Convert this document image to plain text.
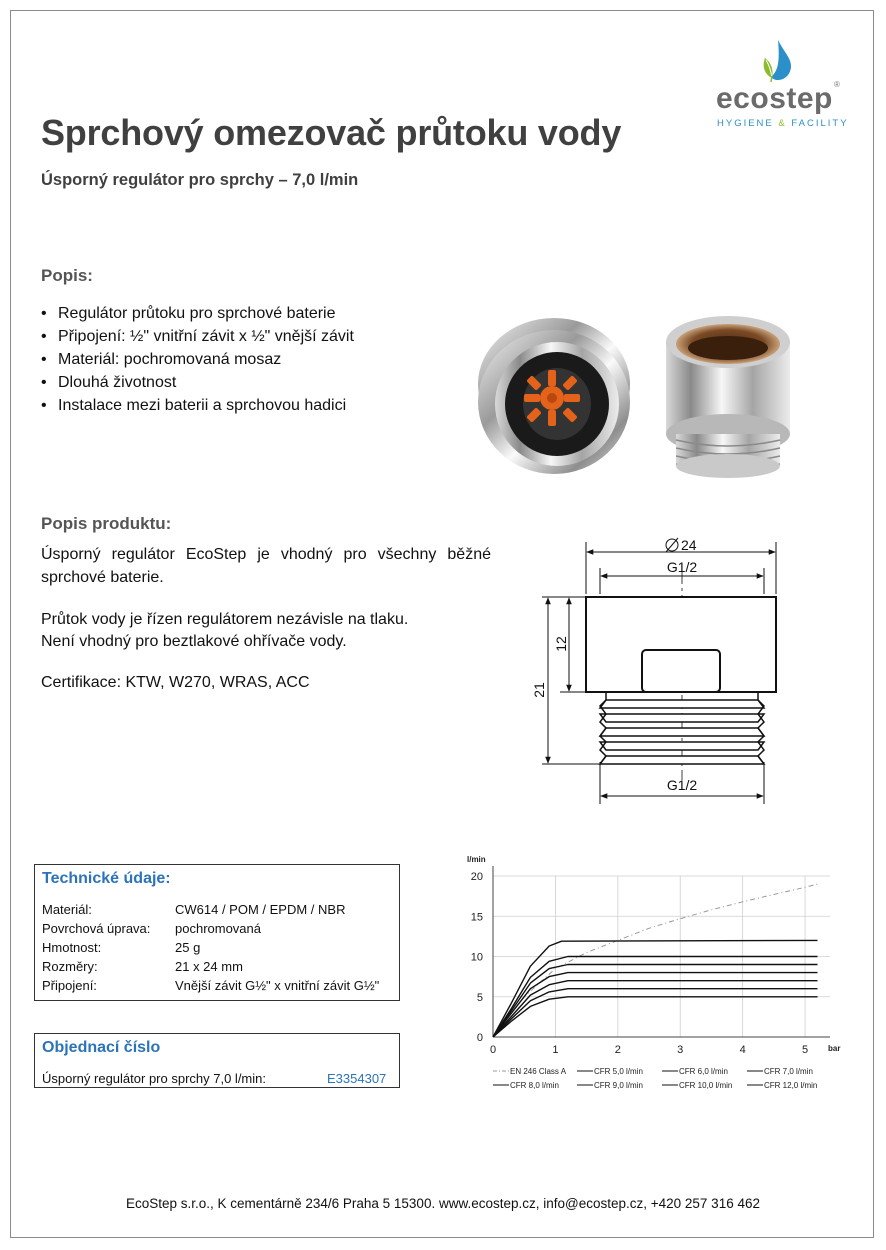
ecostep ®
HYGIENE & FACILITY
Sprchový omezovač průtoku vody
Úsporný regulátor pro sprchy – 7,0 l/min
Popis:
• Regulátor průtoku pro sprchové baterie
• Připojení: ½" vnitřní závit x ½" vnější závit
• Materiál: pochromovaná mosaz
• Dlouhá životnost
• Instalace mezi baterii a sprchovou hadici
Popis produktu:
Úsporný regulátor EcoStep je vhodný pro všechny běžné sprchové baterie.
Průtok vody je řízen regulátorem nezávisle na tlaku.
Není vhodný pro beztlakové ohřívače vody.
Certifikace: KTW, W270, WRAS, ACC
24
G1/2
12
21
G1/2
Technické údaje:
Materiál:	CW614 / POM / EPDM / NBR
Povrchová úprava: pochromovaná
Hmotnost:	25 g
Rozměry:	21 x 24 mm
Připojení:	Vnější závit G½" x vnitřní závit G½"
Objednací číslo
Úsporný regulátor pro sprchy 7,0 l/min:	E3354307
0
5
10
15
20
0	1	2	3	4	5
l/min
bar
EN 246 Class A	CFR 5,0 l/min	CFR 6,0 l/min	CFR 7,0 l/min
CFR 8,0 l/min	CFR 9,0 l/min	CFR 10,0 l/min	CFR 12,0 l/min
EcoStep s.r.o., K cementárně 234/6 Praha 5 15300. www.ecostep.cz, info@ecostep.cz, +420 257 316 462
